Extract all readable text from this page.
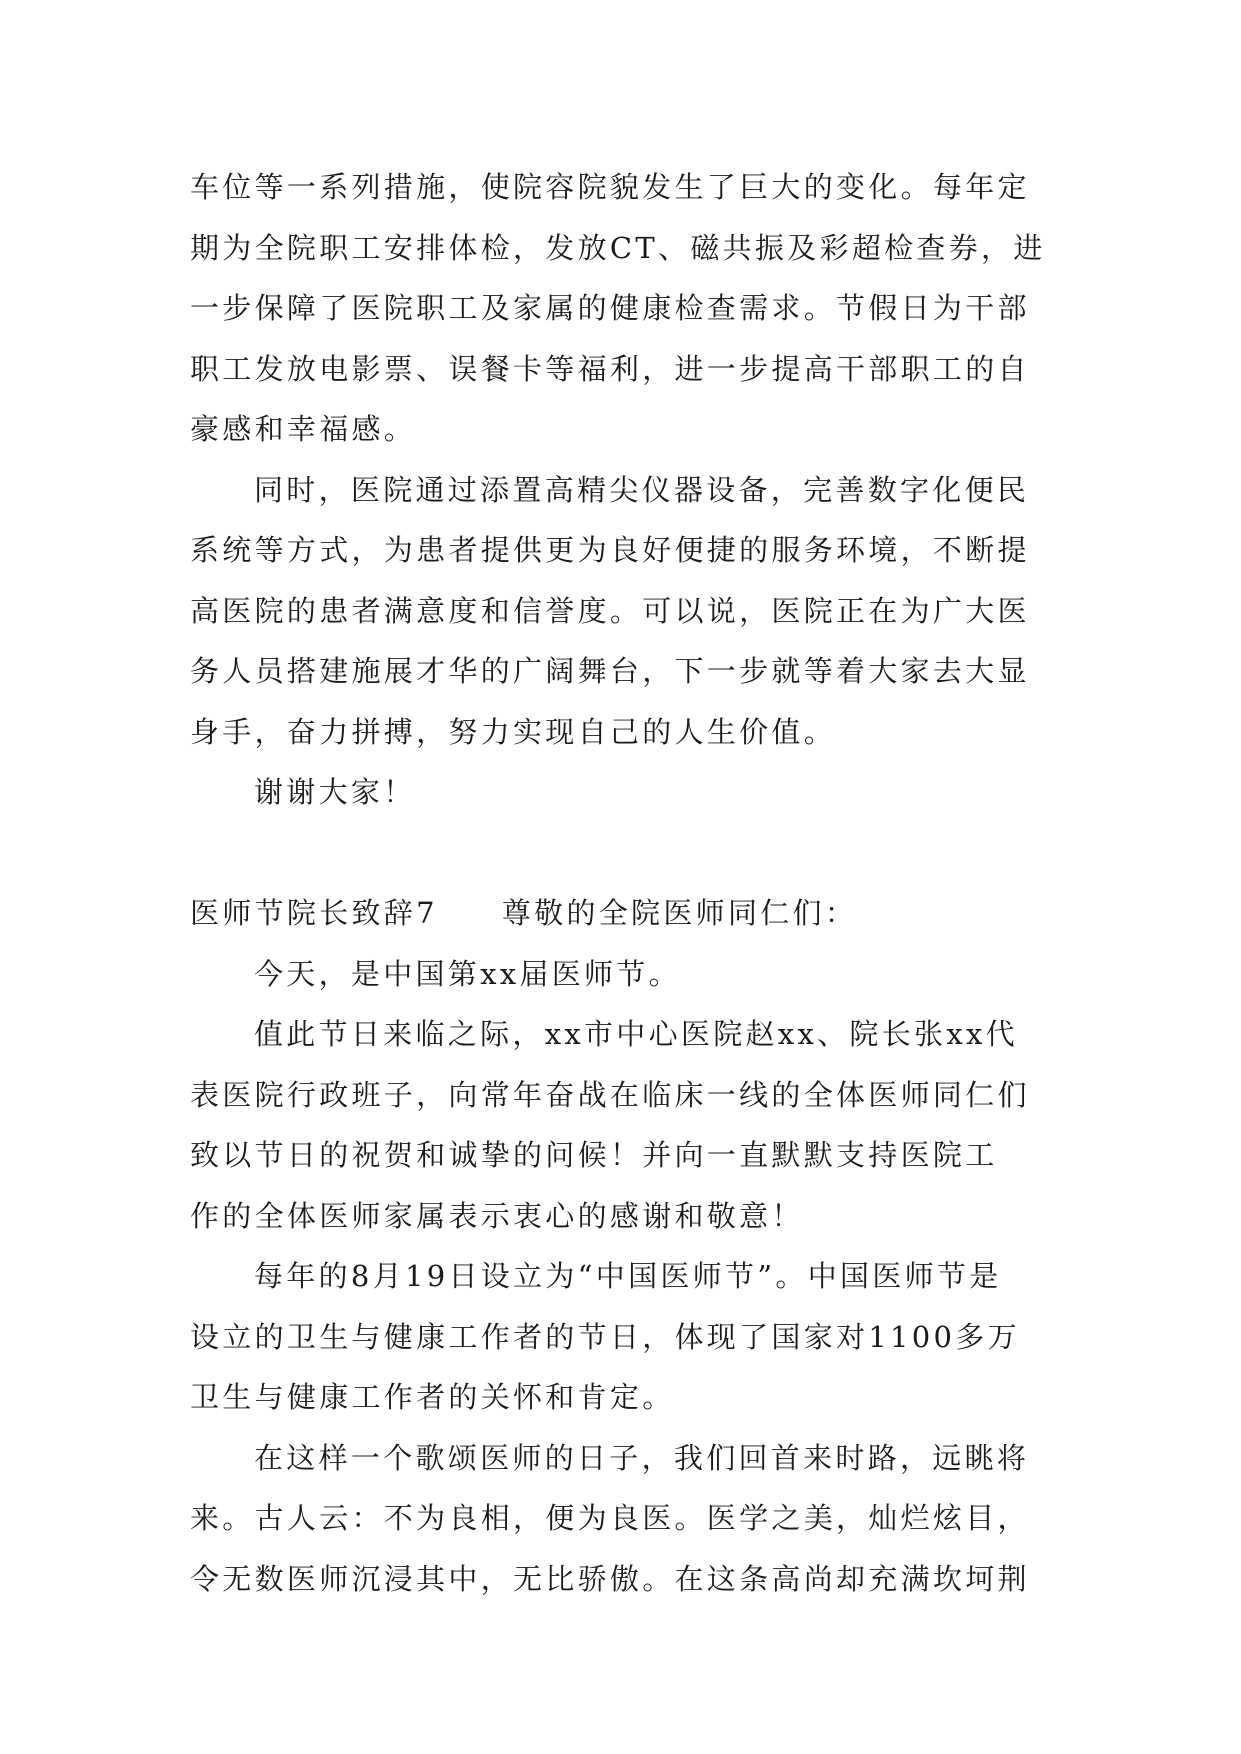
车位等一系列措施，使院容院貌发生了巨大的变化。每年定
期为全院职工安排体检，发放CT、磁共振及彩超检查券，进
一步保障了医院职工及家属的健康检查需求。节假日为干部
职工发放电影票、误餐卡等福利，进一步提高干部职工的自
豪感和幸福感。
同时，医院通过添置高精尖仪器设备，完善数字化便民
系统等方式，为患者提供更为良好便捷的服务环境，不断提
高医院的患者满意度和信誉度。可以说，医院正在为广大医
务人员搭建施展才华的广阔舞台，下一步就等着大家去大显
身手，奋力拼搏，努力实现自己的人生价值。
谢谢大家！
医师节院长致辞7 尊敬的全院医师同仁们：
今天，是中国第xx届医师节。
值此节日来临之际，xx市中心医院赵xx、院长张xx代
表医院行政班子，向常年奋战在临床一线的全体医师同仁们
致以节日的祝贺和诚挚的问候！并向一直默默支持医院工
作的全体医师家属表示衷心的感谢和敬意！
每年的8月19日设立为“中国医师节”。中国医师节是
设立的卫生与健康工作者的节日，体现了国家对1100多万
卫生与健康工作者的关怀和肯定。
在这样一个歌颂医师的日子，我们回首来时路，远眺将
来。古人云：不为良相，便为良医。医学之美，灿烂炫目，
令无数医师沉浸其中，无比骄傲。在这条高尚却充满坎坷荆
